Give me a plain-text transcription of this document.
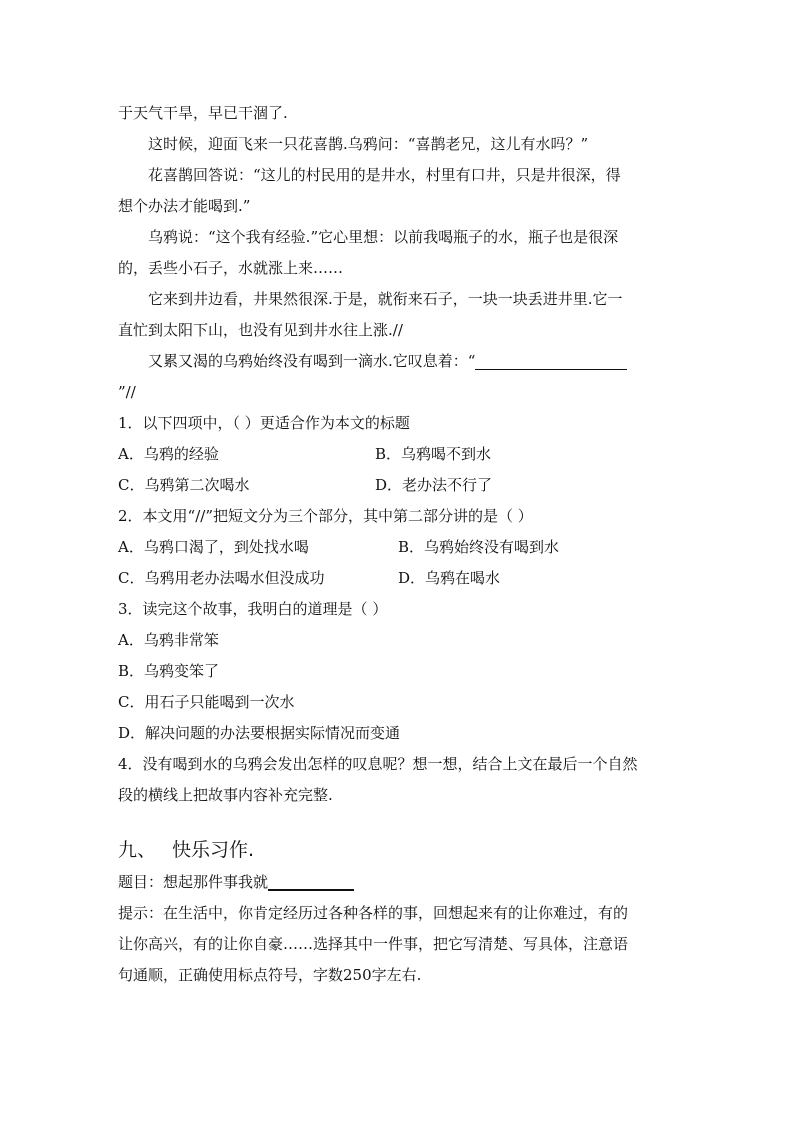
于天气干旱，早已干涸了.
这时候，迎面飞来一只花喜鹊.乌鸦问：“喜鹊老兄，这儿有水吗？”
花喜鹊回答说：“这儿的村民用的是井水，村里有口井，只是井很深，得
想个办法才能喝到.”
乌鸦说：“这个我有经验.”它心里想：以前我喝瓶子的水，瓶子也是很深
的，丢些小石子，水就涨上来……
它来到井边看，井果然很深.于是，就衔来石子，一块一块丢进井里.它一
直忙到太阳下山，也没有见到井水往上涨.//
又累又渴的乌鸦始终没有喝到一滴水.它叹息着：“
”//
1．以下四项中，（ ）更适合作为本文的标题
A．乌鸦的经验	B．乌鸦喝不到水
C．乌鸦第二次喝水	D．老办法不行了
2．本文用“//”把短文分为三个部分，其中第二部分讲的是（ ）
A．乌鸦口渴了，到处找水喝	B．乌鸦始终没有喝到水
C．乌鸦用老办法喝水但没成功	D．乌鸦在喝水
3．读完这个故事，我明白的道理是（ ）
A．乌鸦非常笨
B．乌鸦变笨了
C．用石子只能喝到一次水
D．解决问题的办法要根据实际情况而变通
4．没有喝到水的乌鸦会发出怎样的叹息呢？想一想，结合上文在最后一个自然
段的横线上把故事内容补充完整.
九、 快乐习作.
题目：想起那件事我就
提示：在生活中，你肯定经历过各种各样的事，回想起来有的让你难过，有的
让你高兴，有的让你自豪……选择其中一件事，把它写清楚、写具体，注意语
句通顺，正确使用标点符号，字数250字左右.
